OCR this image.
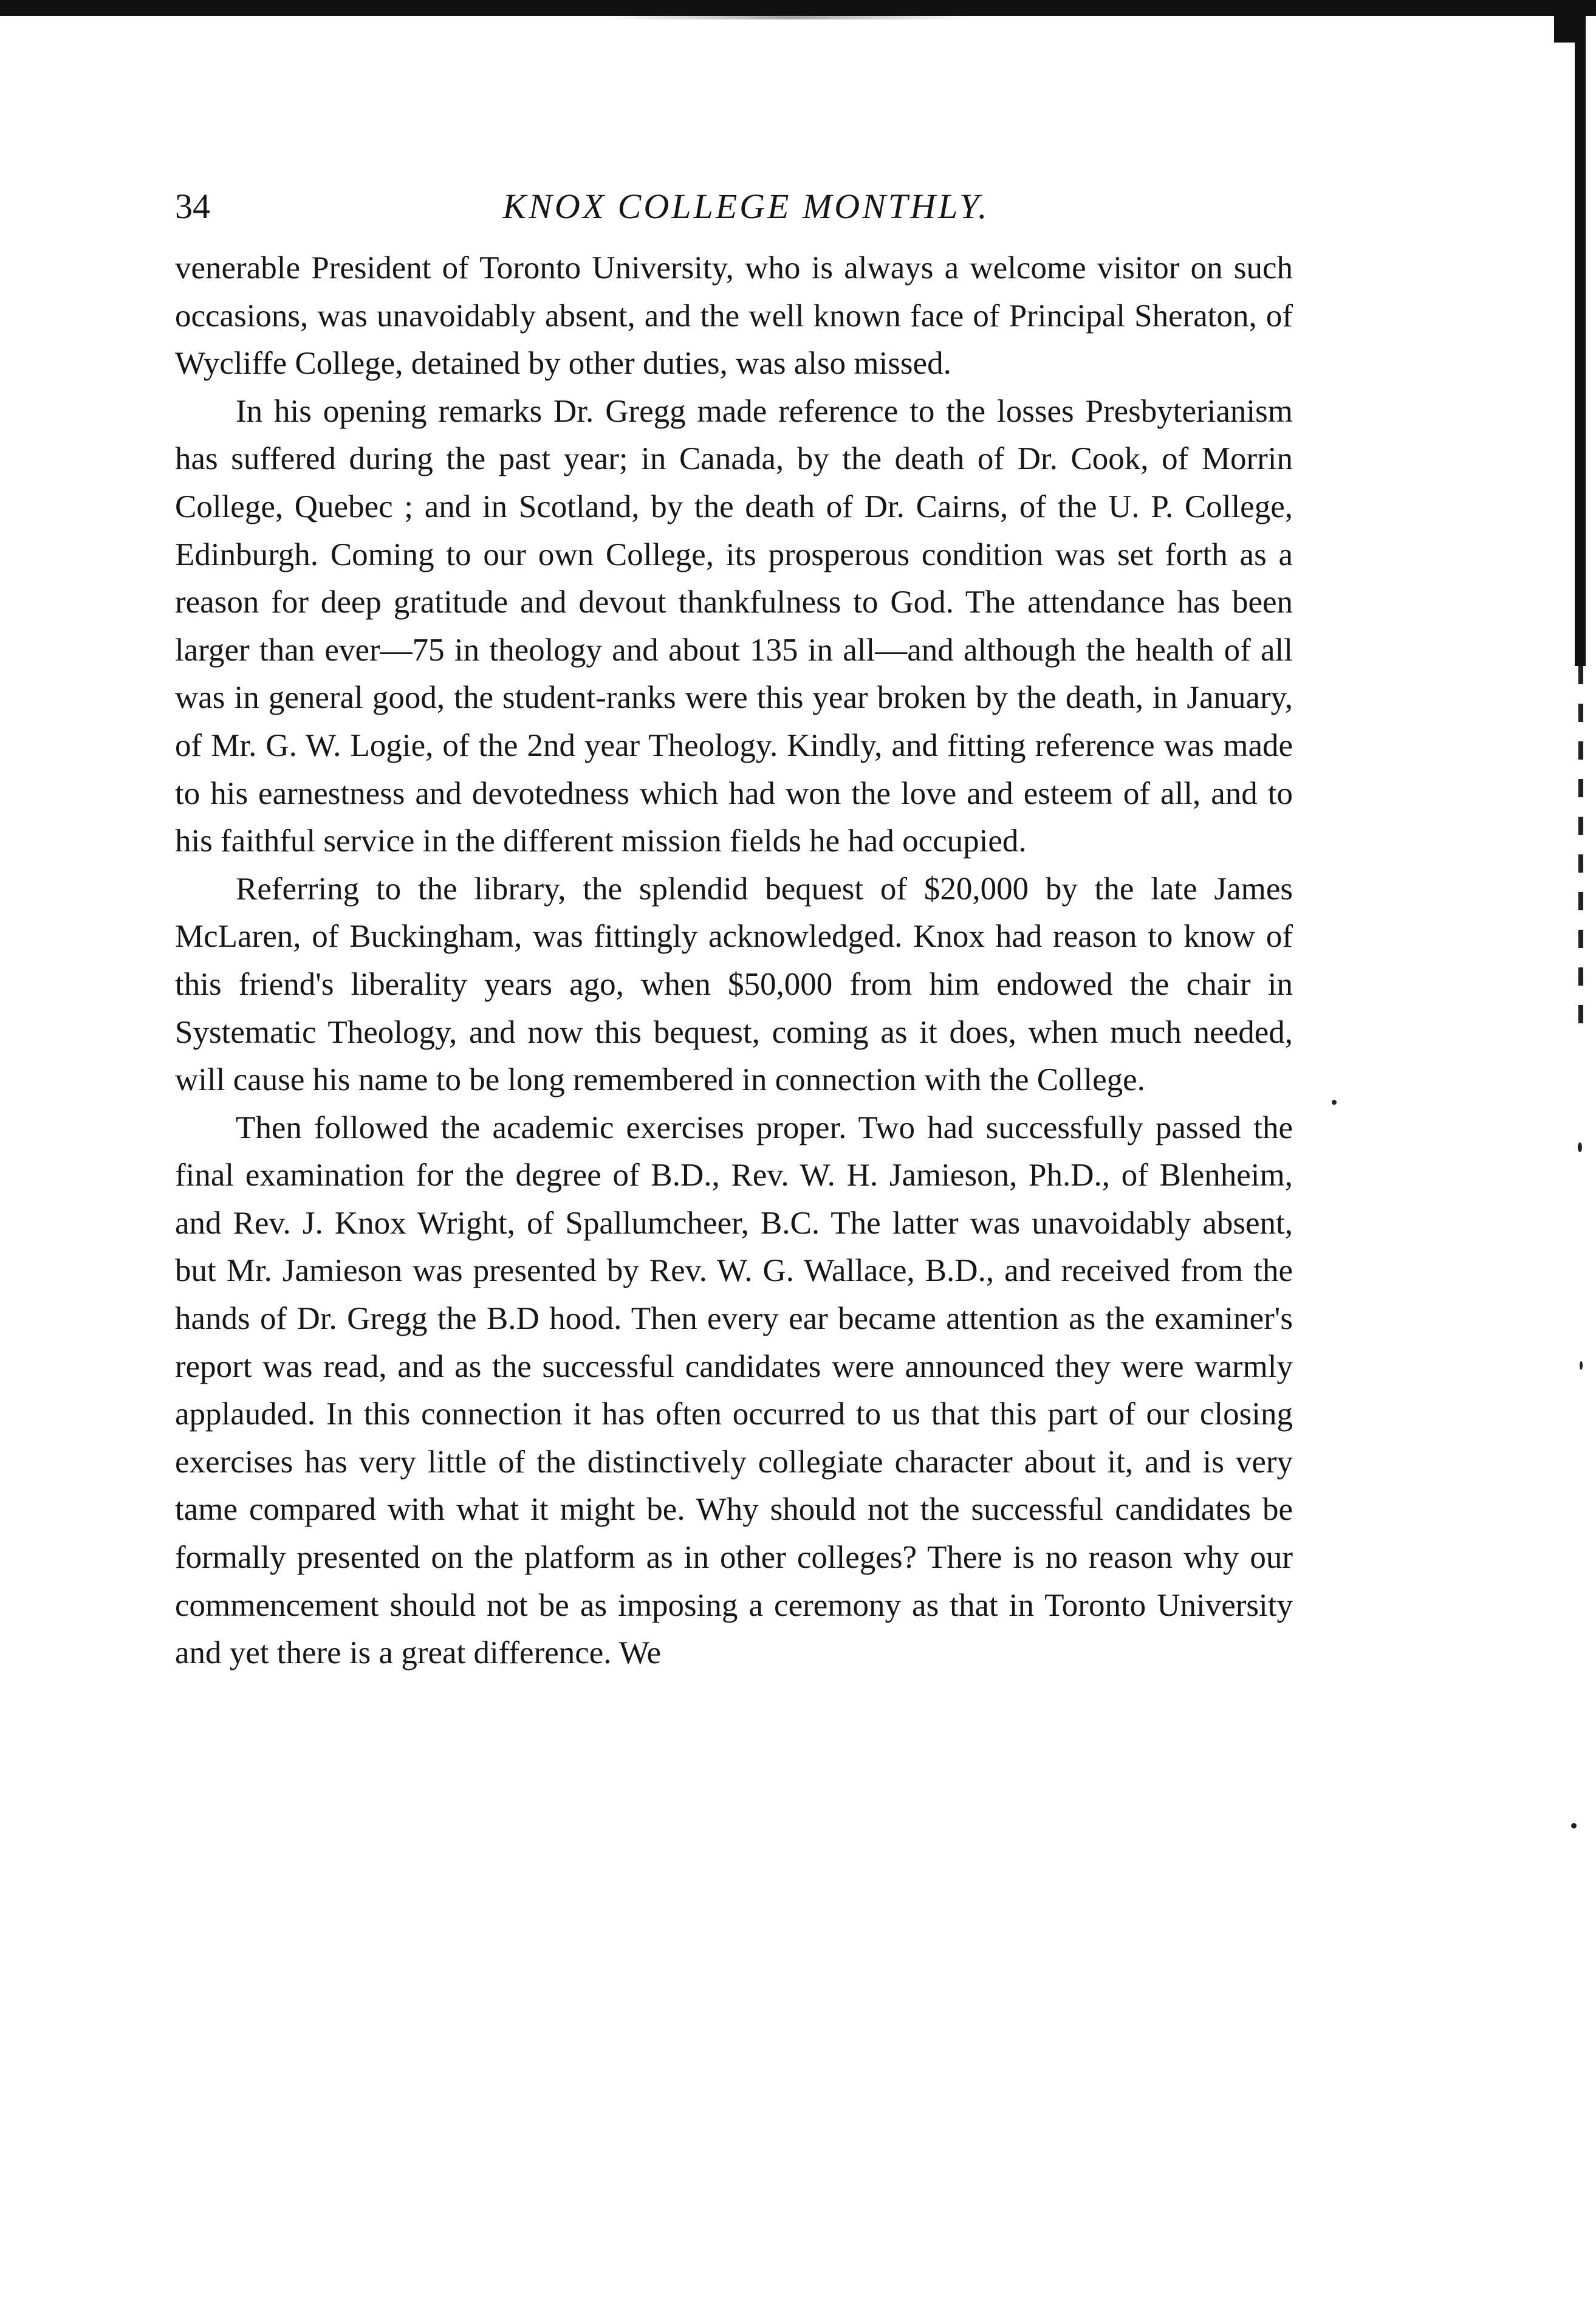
34	KNOX COLLEGE MONTHLY.

venerable President of Toronto University, who is always a welcome visitor on such occasions, was unavoidably absent, and the well known face of Principal Sheraton, of Wycliffe College, detained by other duties, was also missed.

In his opening remarks Dr. Gregg made reference to the losses Presbyterianism has suffered during the past year; in Canada, by the death of Dr. Cook, of Morrin College, Quebec ; and in Scotland, by the death of Dr. Cairns, of the U. P. College, Edinburgh. Coming to our own College, its prosperous condition was set forth as a reason for deep gratitude and devout thankfulness to God. The attendance has been larger than ever—75 in theology and about 135 in all—and although the health of all was in general good, the student-ranks were this year broken by the death, in January, of Mr. G. W. Logie, of the 2nd year Theology. Kindly, and fitting reference was made to his earnestness and devotedness which had won the love and esteem of all, and to his faithful service in the different mission fields he had occupied.

Referring to the library, the splendid bequest of $20,000 by the late James McLaren, of Buckingham, was fittingly acknowledged. Knox had reason to know of this friend's liberality years ago, when $50,000 from him endowed the chair in Systematic Theology, and now this bequest, coming as it does, when much needed, will cause his name to be long remembered in connection with the College.

Then followed the academic exercises proper. Two had successfully passed the final examination for the degree of B.D., Rev. W. H. Jamieson, Ph.D., of Blenheim, and Rev. J. Knox Wright, of Spallumcheer, B.C. The latter was unavoidably absent, but Mr. Jamieson was presented by Rev. W. G. Wallace, B.D., and received from the hands of Dr. Gregg the B.D hood. Then every ear became attention as the examiner's report was read, and as the successful candidates were announced they were warmly applauded. In this connection it has often occurred to us that this part of our closing exercises has very little of the distinctively collegiate character about it, and is very tame compared with what it might be. Why should not the successful candidates be formally presented on the platform as in other colleges? There is no reason why our commencement should not be as imposing a ceremony as that in Toronto University and yet there is a great difference. We
